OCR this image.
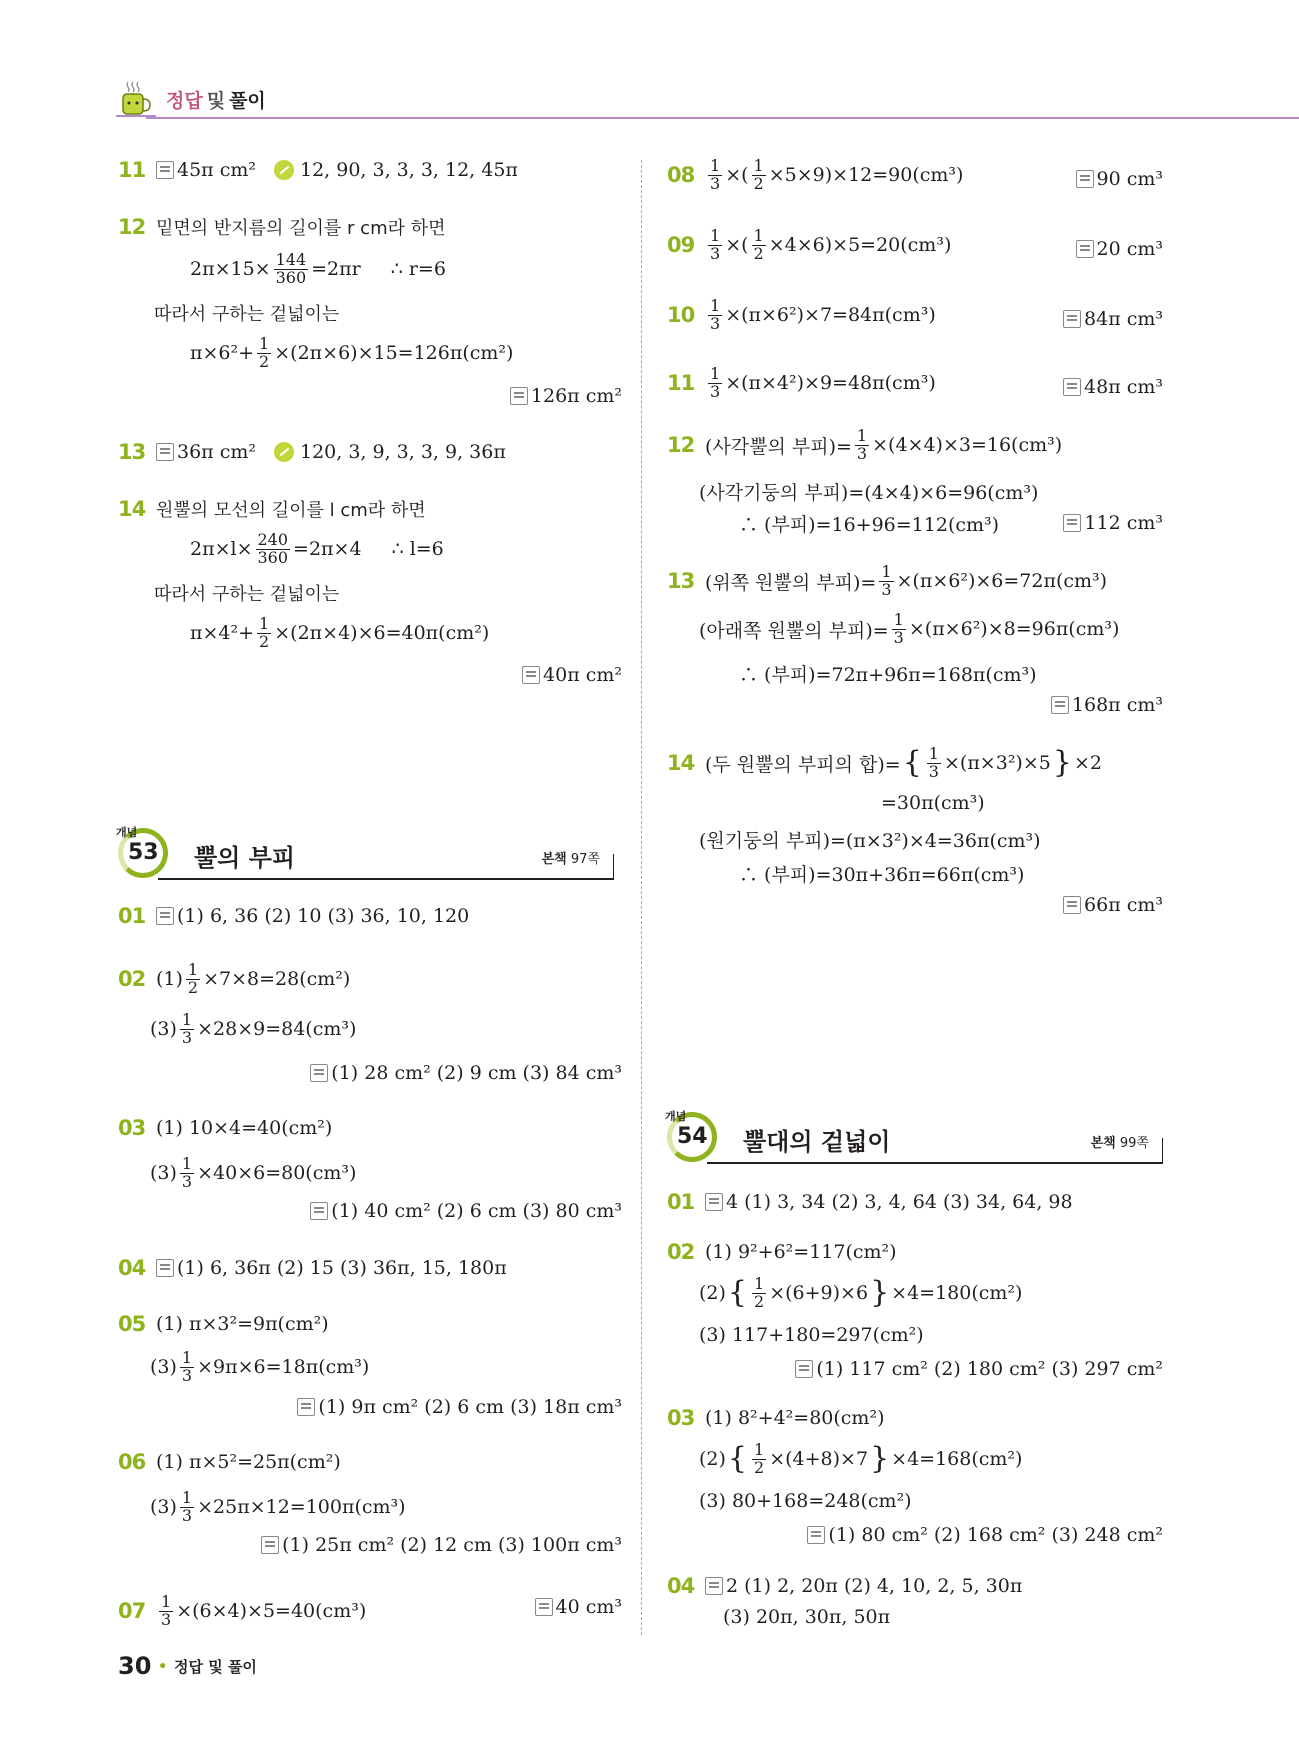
정답 및 풀이
11	45π cm² 12, 90, 3, 3, 3, 12, 45π
12 밑면의 반지름의 길이를 r cm라 하면
$2\pi\times 15\times \frac{144}{360} =2\pi r$ ∴ r=6
따라서 구하는 겉넓이는
$\pi\times 6^2+ \frac{1}{2} \times(2\pi\times 6)\times 15=126\pi(cm^2)$
126π cm²
13	36π cm² 120, 3, 9, 3, 3, 9, 36π
14 원뿔의 모선의 길이를 l cm라 하면
$2\pi\times l\times \frac{240}{360} =2\pi\times 4$ ∴ l=6
따라서 구하는 겉넓이는
$\pi\times 4^2+ \frac{1}{2} \times(2\pi\times 4)\times 6=40\pi(cm^2)$
40π cm²
개념
53 뿔의 부피	본책 97쪽
01	(1) 6, 36 (2) 10 (3) 36, 10, 120
02 $(1) \frac{1}{2} \times 7\times 8=28(cm^2)$
$(3) \frac{1}{3} \times 28\times 9=84(cm^3)$
(1) 28 cm² (2) 9 cm (3) 84 cm³
03 (1) 10×4=40(cm²)
$(3) \frac{1}{3} \times 40\times 6=80(cm^3)$
(1) 40 cm² (2) 6 cm (3) 80 cm³
04	(1) 6, 36π (2) 15 (3) 36π, 15, 180π
05 (1) π×3²=9π(cm²)
$(3) \frac{1}{3} \times 9\pi\times 6=18\pi(cm^3)$
(1) 9π cm² (2) 6 cm (3) 18π cm³
06 (1) π×5²=25π(cm²)
$(3) \frac{1}{3} \times 25\pi\times 12=100\pi(cm^3)$
(1) 25π cm² (2) 12 cm (3) 100π cm³
$07 \frac{1}{3} \times(6\times 4)\times 5=40(cm^3)$	40 cm³
$08 \frac{1}{3}$ ×( $\frac{1}{2} \times 5\times 9)\times 12=90(cm^3)$	90 cm³
$09 \frac{1}{3}$ ×( $\frac{1}{2} \times 4\times 6)\times 5=20(cm^3)$	20 cm³
$10 \frac{1}{3} \times(\pi\times 6^2)\times 7=84\pi(cm^3)$	84π cm³
$11 \frac{1}{3} \times(\pi\times 4^2)\times 9=48\pi(cm^3)$	48π cm³
12 (사각뿔의 부피)= $\frac{1}{3} \times(4\times 4)\times 3=16(cm^3)$
(사각기둥의 부피)=(4×4)×6=96(cm³)
∴ (부피)=16+96=112(cm³)	112 cm³
13 (위쪽 원뿔의 부피)= $\frac{1}{3} \times(\pi\times 6^2)\times 6=72\pi(cm^3)$
(아래쪽 원뿔의 부피)= $\frac{1}{3} \times(\pi\times 6^2)\times 8=96\pi(cm^3)$
∴ (부피)=72π+96π=168π(cm³)
168π cm³
14 (두 원뿔의 부피의 합)= { $\frac{1}{3} \times(\pi\times 3^2)\times 5$ } ×2
=30π(cm³)
(원기둥의 부피)=(π×3²)×4=36π(cm³)
∴ (부피)=30π+36π=66π(cm³)
66π cm³
개념
54 뿔대의 겉넓이	본책 99쪽
01	4 (1) 3, 34 (2) 3, 4, 64 (3) 34, 64, 98
02 (1) 9²+6²=117(cm²)
(2) { $\frac{1}{2} \times(6+9)\times 6$ } ×4=180(cm²)
(3) 117+180=297(cm²)
(1) 117 cm² (2) 180 cm² (3) 297 cm²
03 (1) 8²+4²=80(cm²)
(2) { $\frac{1}{2} \times(4+8)\times 7$ } ×4=168(cm²)
(3) 80+168=248(cm²)
(1) 80 cm² (2) 168 cm² (3) 248 cm²
04	2 (1) 2, 20π (2) 4, 10, 2, 5, 30π
(3) 20π, 30π, 50π
30 • 정답 및 풀이
